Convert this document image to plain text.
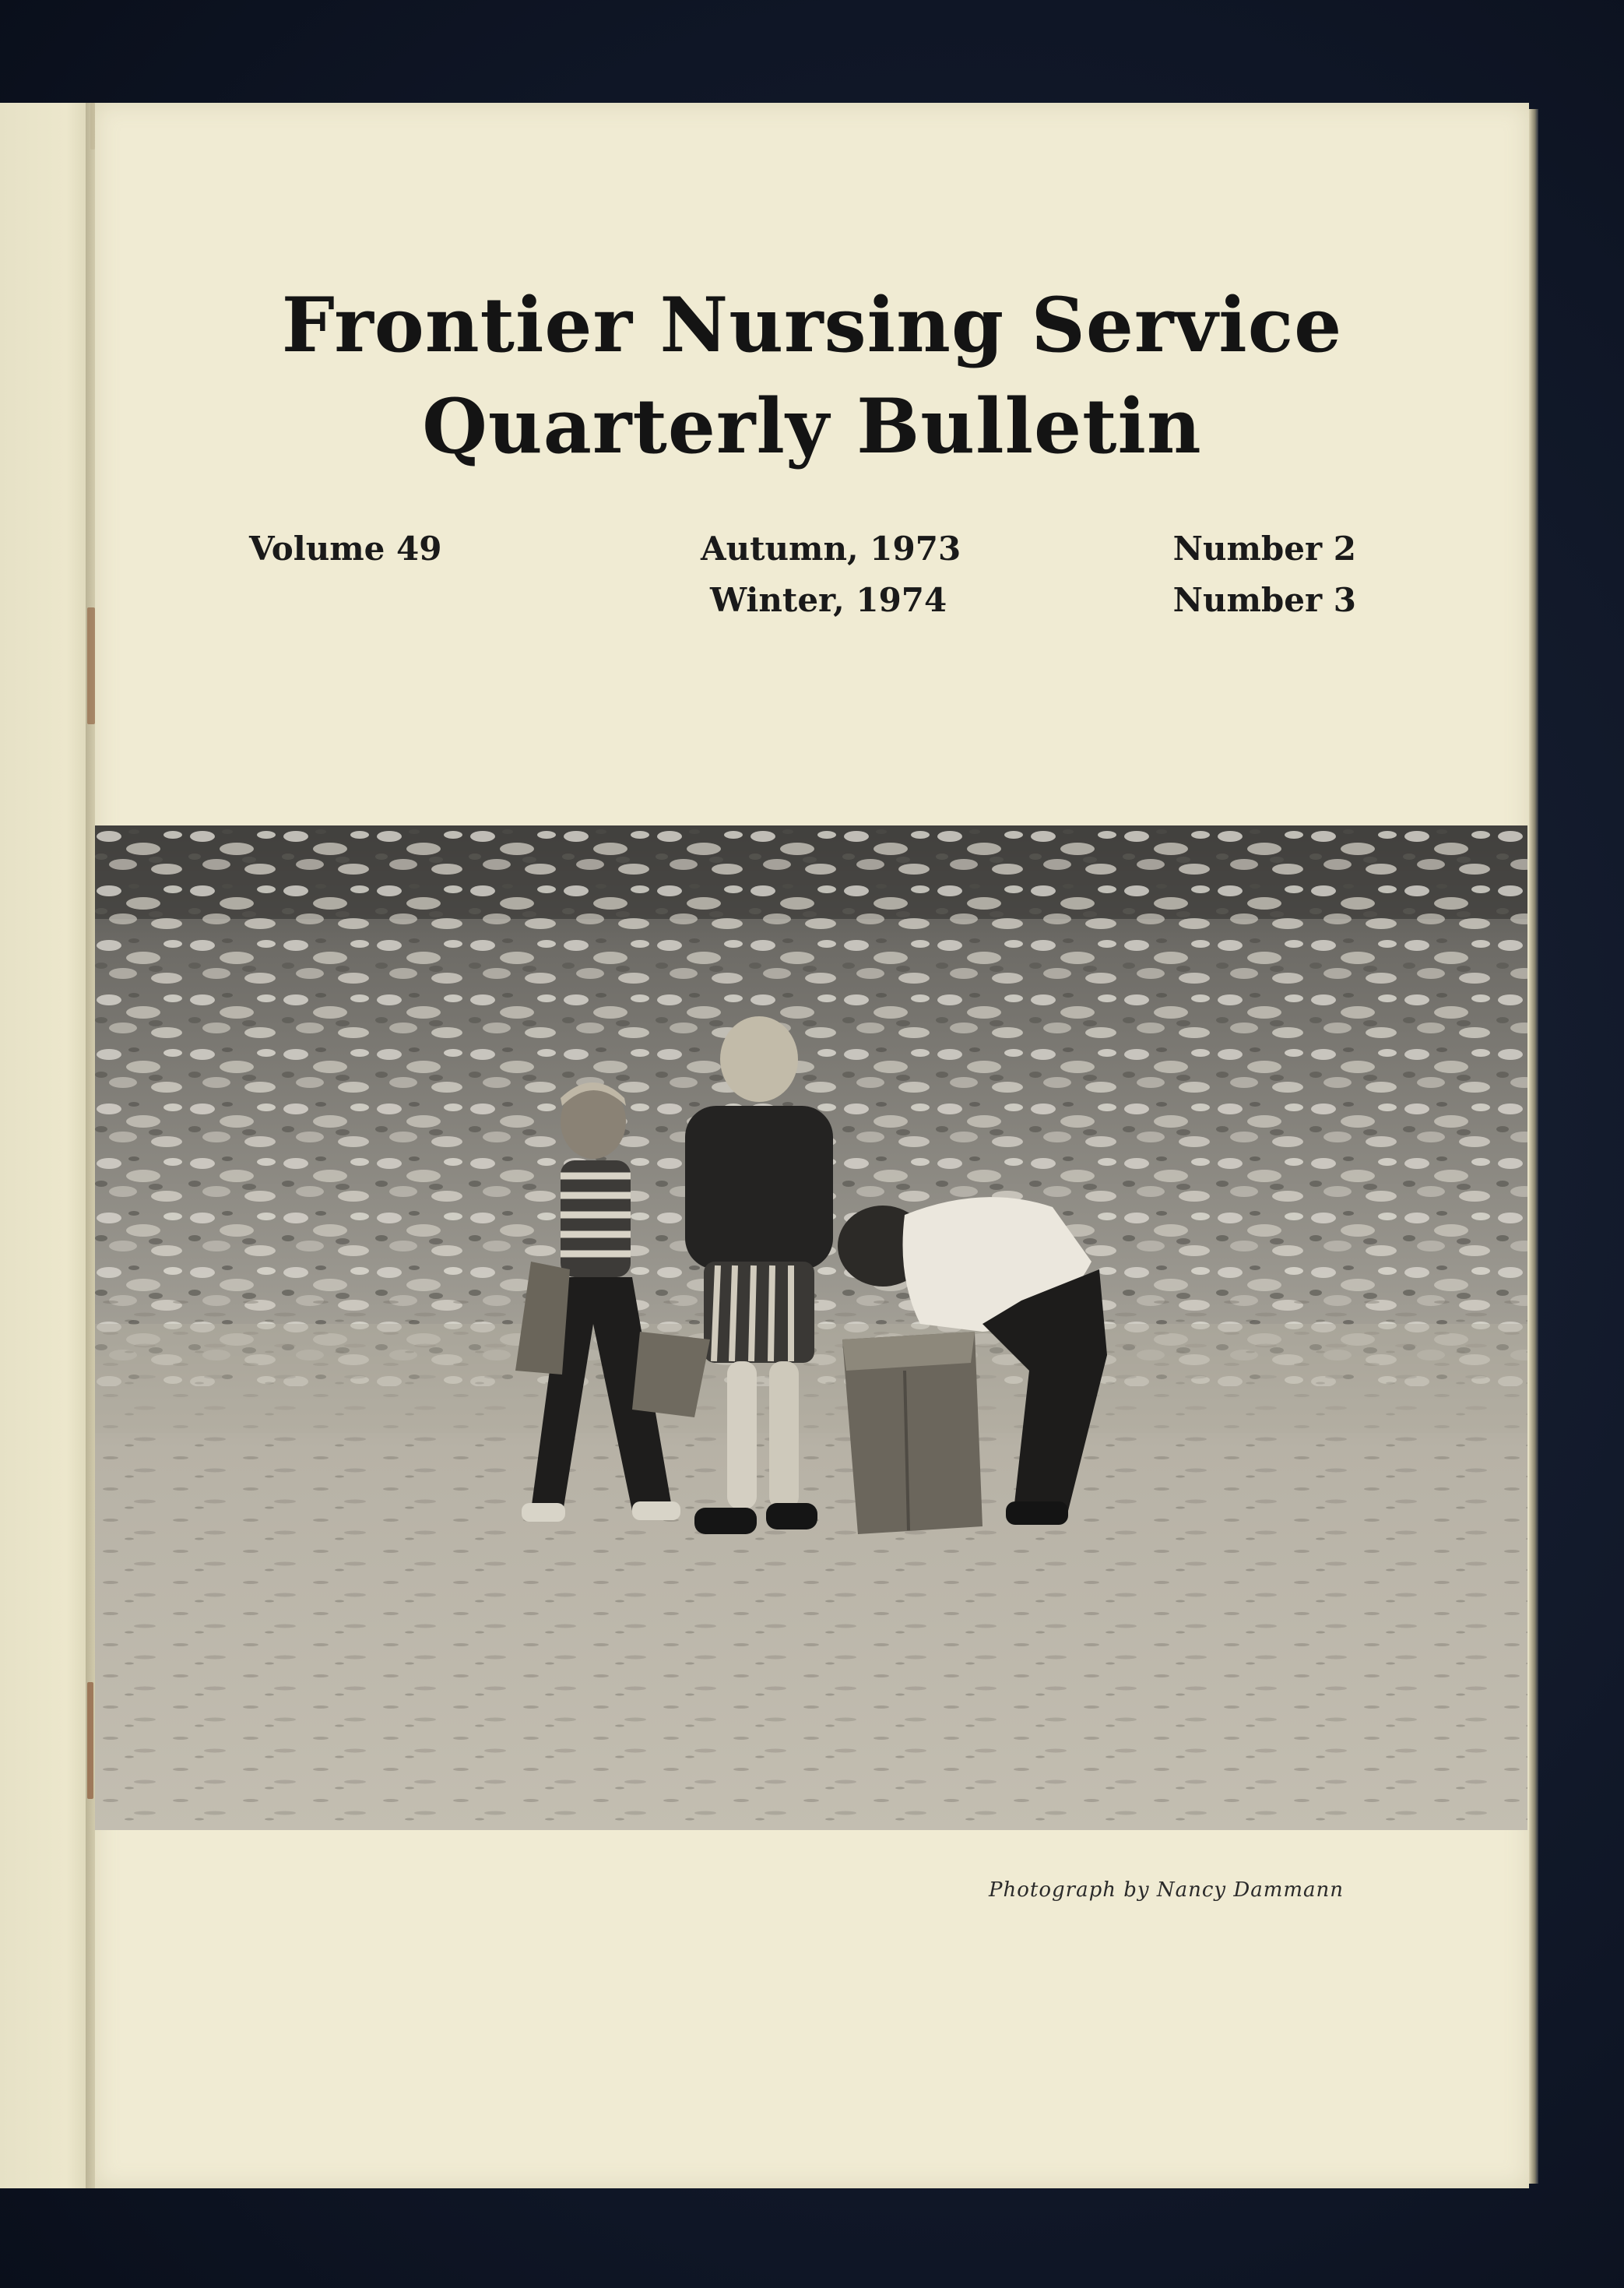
Frontier Nursing Service
Quarterly Bulletin
Volume 49	Autumn, 1973
Winter, 1974
Number 2
Number 3
Photograph by Nancy Dammann
